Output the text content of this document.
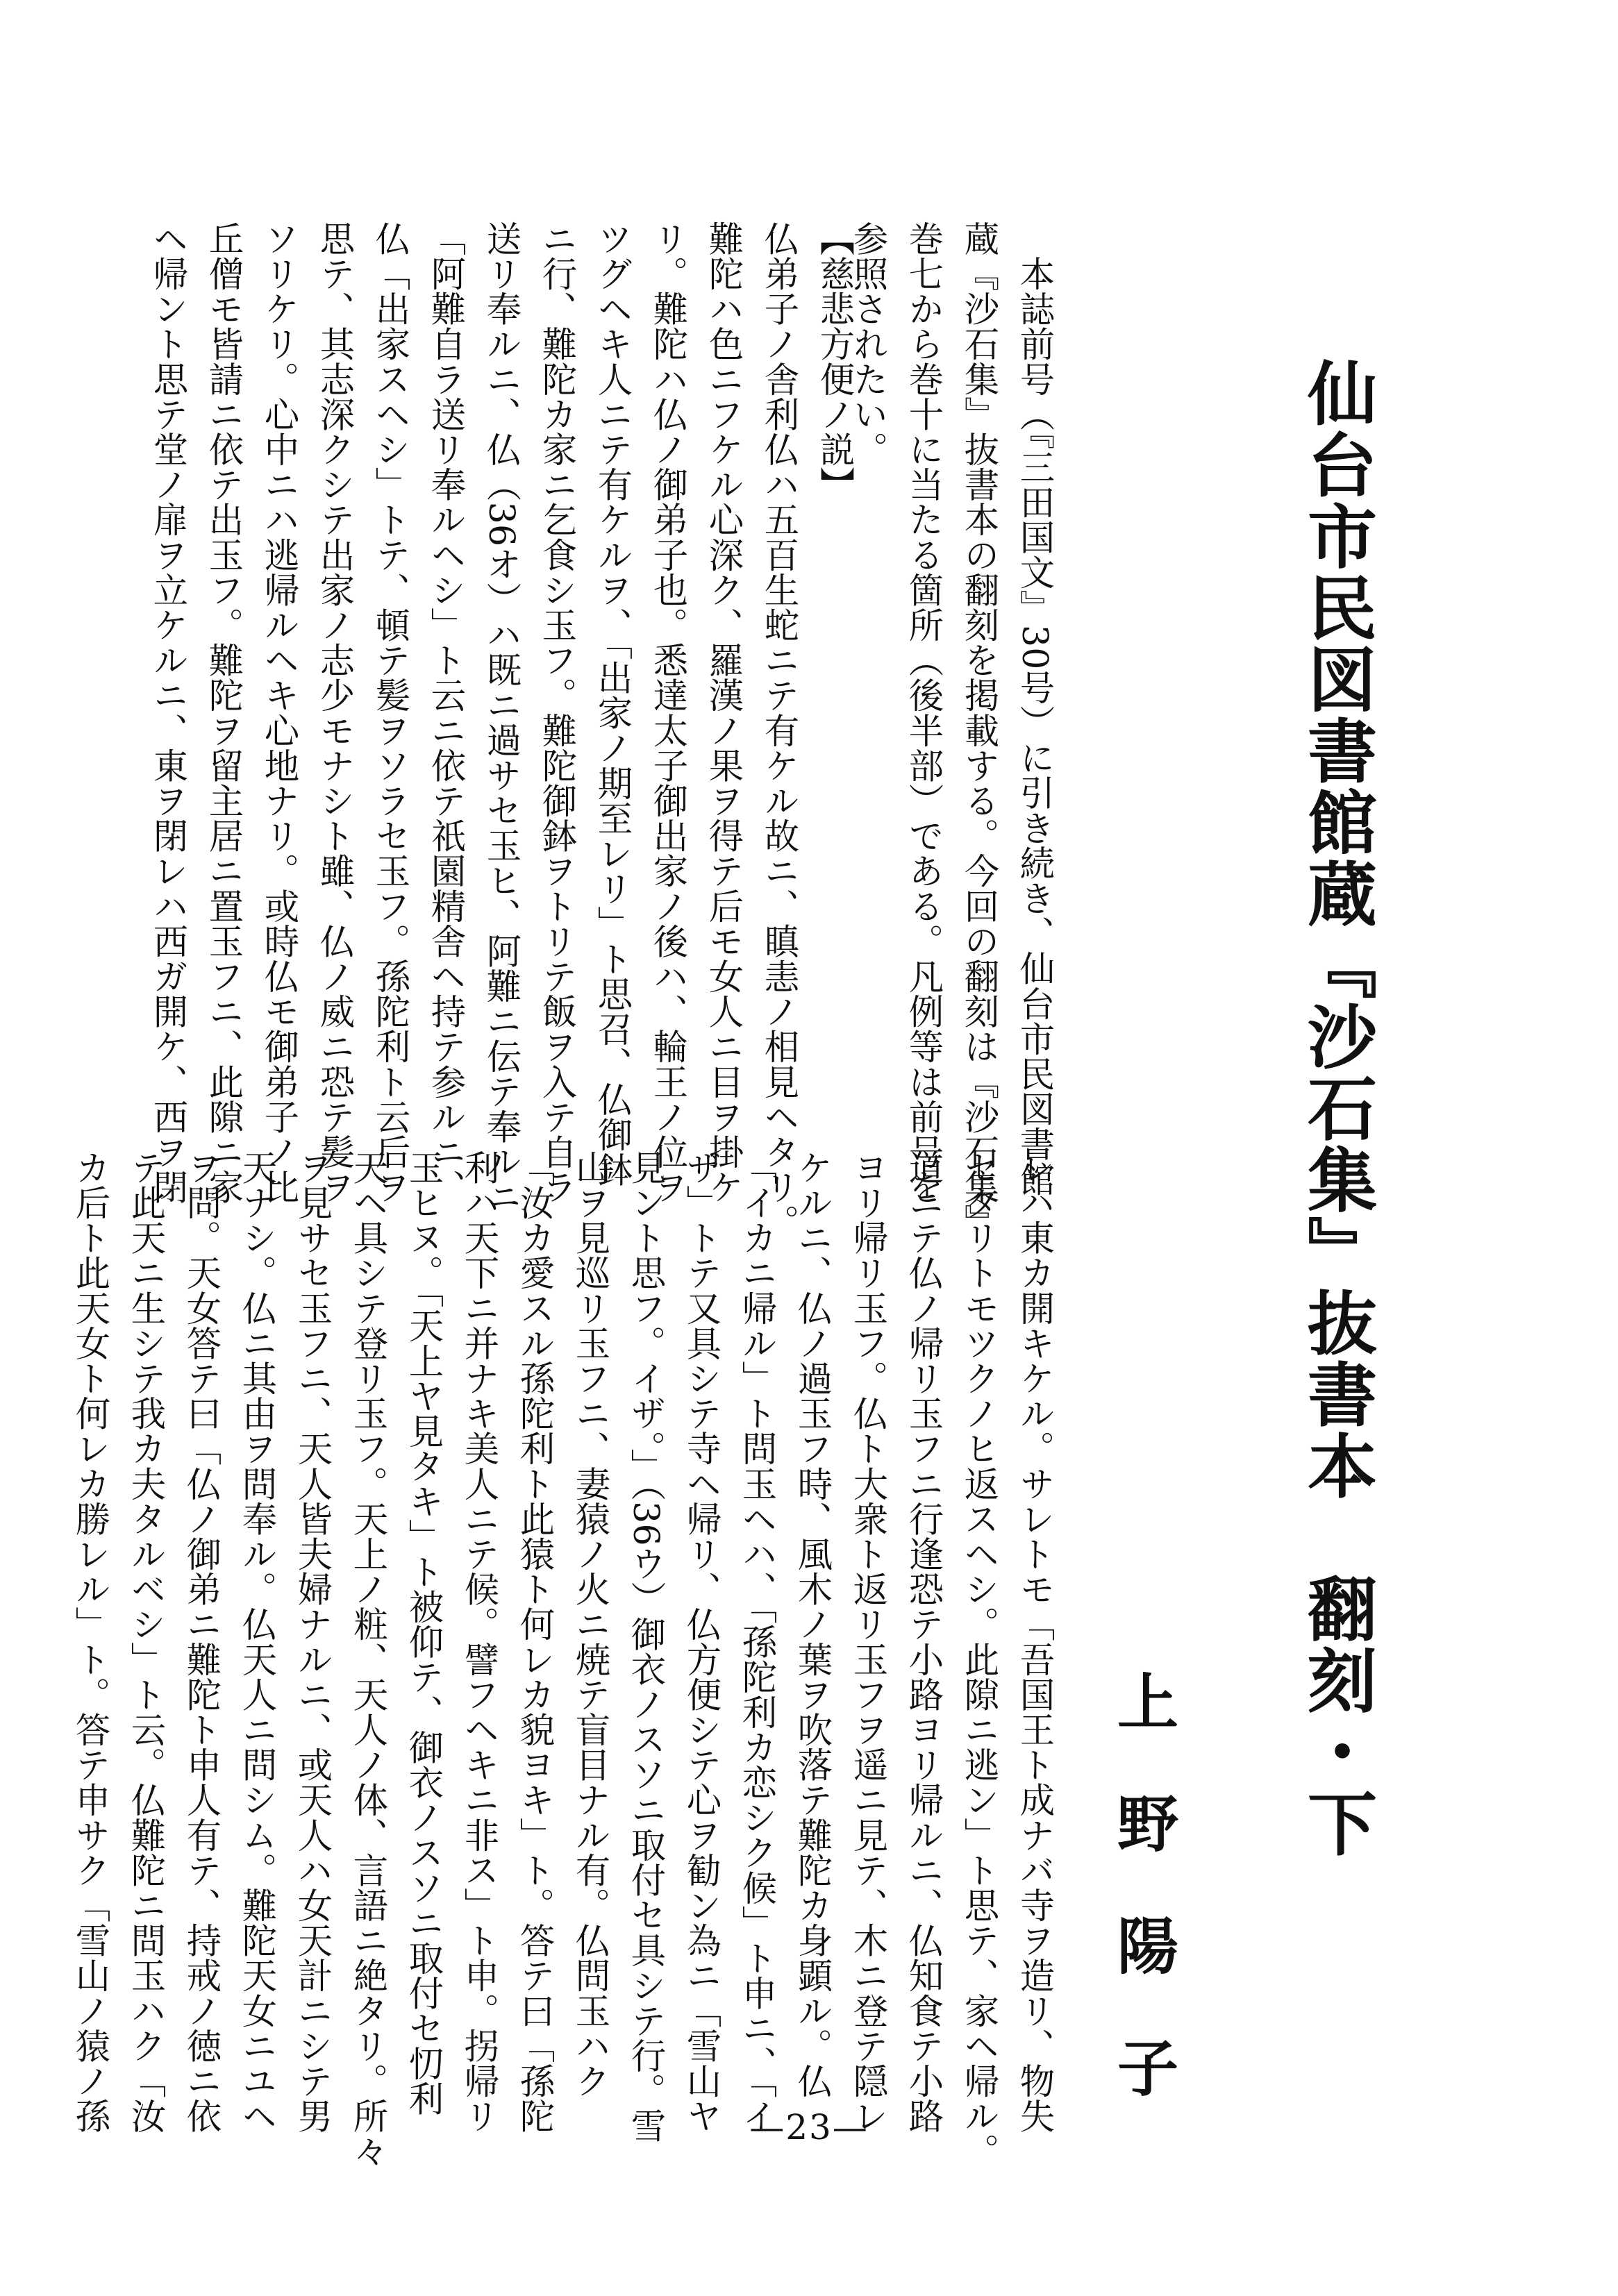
仙台市民図書館蔵『沙石集』抜書本　翻刻・下
上　野　陽　子
　本誌前号（『三田国文』30号）に引き続き、仙台市民図書館
蔵『沙石集』抜書本の翻刻を掲載する。今回の翻刻は『沙石集』
巻七から巻十に当たる箇所（後半部）である。凡例等は前号を
参照されたい。
【慈悲方便ノ説】
仏弟子ノ舎利仏ハ五百生蛇ニテ有ケル故ニ、瞋恚ノ相見ヘタリ。
難陀ハ色ニフケル心深ク、羅漢ノ果ヲ得テ后モ女人ニ目ヲ掛ケ
リ。難陀ハ仏ノ御弟子也。悉達太子御出家ノ後ハ、輪王ノ位ヲ
ツグヘキ人ニテ有ケルヲ、「出家ノ期至レリ」ト思召、仏御鉢
ニ行、難陀カ家ニ乞食シ玉フ。難陀御鉢ヲトリテ飯ヲ入テ自ラ
送リ奉ルニ、仏（36オ）ハ既ニ過サセ玉ヒ、阿難ニ伝テ奉ルニ
「阿難自ラ送リ奉ルヘシ」ト云ニ依テ祇園精舎ヘ持テ参ルニ、
仏「出家スヘシ」トテ、頓テ髪ヲソラセ玉フ。孫陀利ト云后ヲ
思テ、其志深クシテ出家ノ志少モナシト雖、仏ノ威ニ恐テ髪ヲ
ソリケリ。心中ニハ逃帰ルヘキ心地ナリ。或時仏モ御弟子ノ比
丘僧モ皆請ニ依テ出玉フ。難陀ヲ留主居ニ置玉フニ、此隙ニ家
ヘ帰ント思テ堂ノ扉ヲ立ケルニ、東ヲ閉レハ西ガ開ケ、西ヲ閉
レハ東カ開キケル。サレトモ「吾国王ト成ナバ寺ヲ造リ、物失
セタリトモツクノヒ返スヘシ。此隙ニ逃ン」ト思テ、家ヘ帰ル。
道ニテ仏ノ帰リ玉フニ行逢恐テ小路ヨリ帰ルニ、仏知食テ小路
ヨリ帰リ玉フ。仏ト大衆ト返リ玉フヲ遥ニ見テ、木ニ登テ隠レ
ケルニ、仏ノ過玉フ時、風木ノ葉ヲ吹落テ難陀カ身顕ル。仏
「イカニ帰ル」ト問玉ヘハ、「孫陀利カ恋シク候」ト申ニ、「イ
ザ」トテ又具シテ寺ヘ帰リ、仏方便シテ心ヲ勧ン為ニ「雪山ヤ
見ント思フ。イザ。」（36ウ）御衣ノスソニ取付セ具シテ行。雪
山ヲ見巡リ玉フニ、妻猿ノ火ニ焼テ盲目ナル有。仏問玉ハク
「汝カ愛スル孫陀利ト此猿ト何レカ貌ヨキ」ト。答テ曰「孫陀
利ハ天下ニ并ナキ美人ニテ候。譬フヘキニ非ス」ト申。拐帰リ
玉ヒヌ。「天上ヤ見タキ」ト被仰テ、御衣ノスソニ取付セ忉利
天ヘ具シテ登リ玉フ。天上ノ粧、天人ノ体、言語ニ絶タリ。所々
ヲ見サセ玉フニ、天人皆夫婦ナルニ、或天人ハ女天計ニシテ男
天ナシ。仏ニ其由ヲ問奉ル。仏天人ニ問シム。難陀天女ニユヘ
ヲ問。天女答テ曰「仏ノ御弟ニ難陀ト申人有テ、持戒ノ徳ニ依
テ此天ニ生シテ我カ夫タルベシ」ト云。仏難陀ニ問玉ハク「汝
カ后ト此天女ト何レカ勝レル」ト。答テ申サク「雪山ノ猿ノ孫	—23—
